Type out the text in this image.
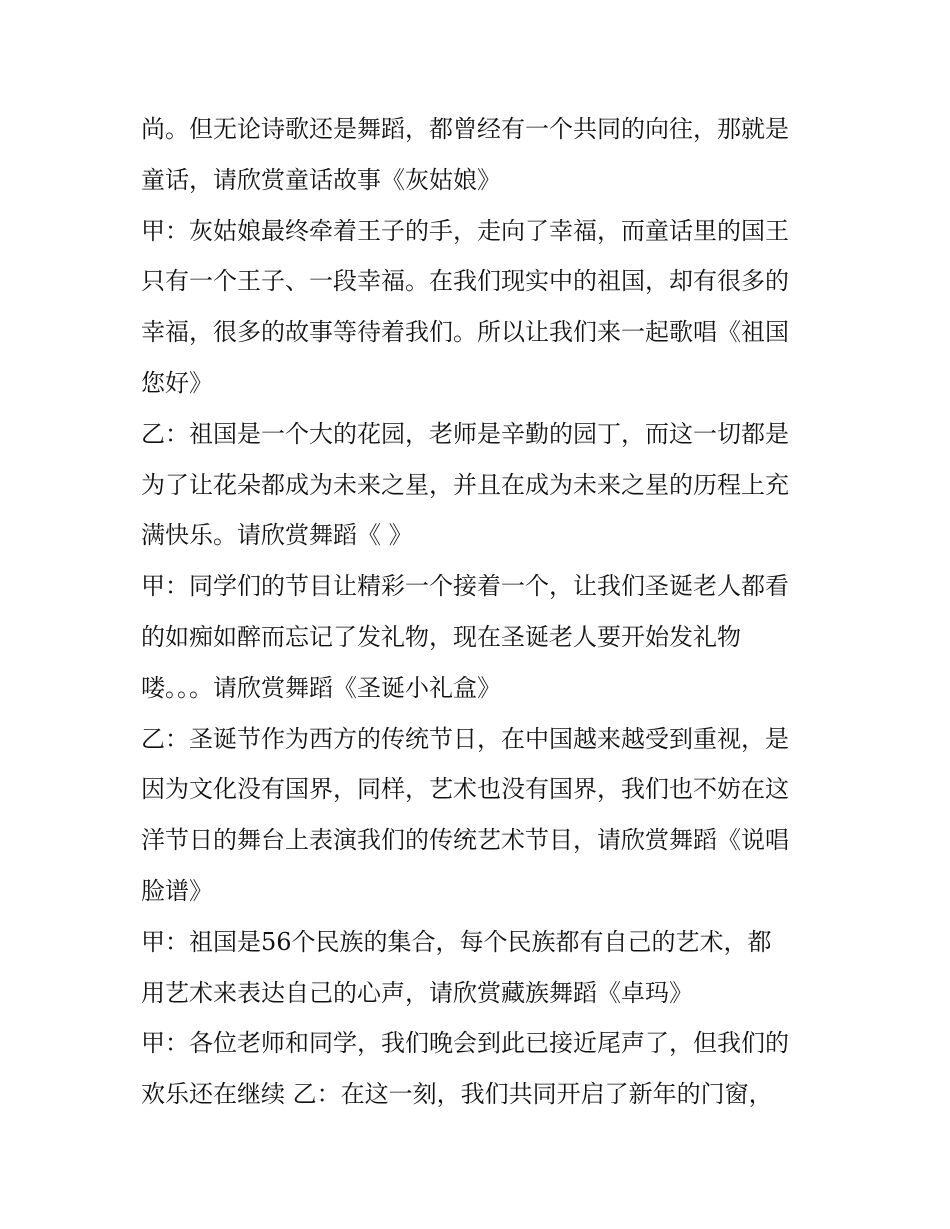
尚。但无论诗歌还是舞蹈，都曾经有一个共同的向往，那就是
童话，请欣赏童话故事《灰姑娘》
甲：灰姑娘最终牵着王子的手，走向了幸福，而童话里的国王
只有一个王子、一段幸福。在我们现实中的祖国，却有很多的
幸福，很多的故事等待着我们。所以让我们来一起歌唱《祖国
您好》
乙：祖国是一个大的花园，老师是辛勤的园丁，而这一切都是
为了让花朵都成为未来之星，并且在成为未来之星的历程上充
满快乐。请欣赏舞蹈《 》
甲：同学们的节目让精彩一个接着一个，让我们圣诞老人都看
的如痴如醉而忘记了发礼物，现在圣诞老人要开始发礼物
喽。。。请欣赏舞蹈《圣诞小礼盒》
乙：圣诞节作为西方的传统节日，在中国越来越受到重视，是
因为文化没有国界，同样，艺术也没有国界，我们也不妨在这
洋节日的舞台上表演我们的传统艺术节目，请欣赏舞蹈《说唱
脸谱》
甲：祖国是56个民族的集合，每个民族都有自己的艺术，都
用艺术来表达自己的心声，请欣赏藏族舞蹈《卓玛》
甲：各位老师和同学，我们晚会到此已接近尾声了，但我们的
欢乐还在继续 乙：在这一刻，我们共同开启了新年的门窗，
